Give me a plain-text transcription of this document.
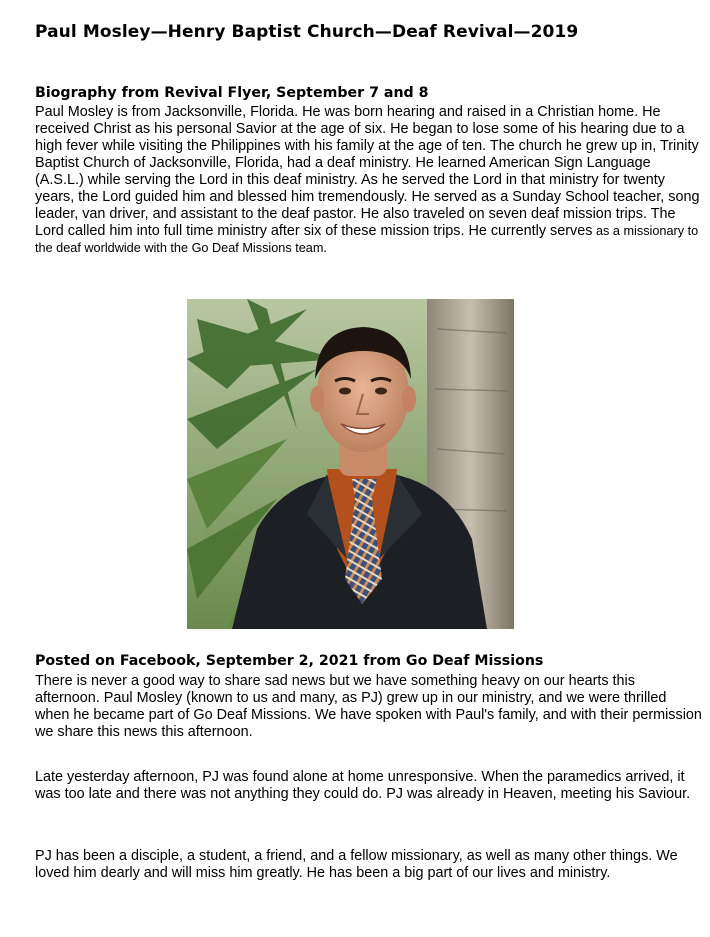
Paul Mosley—Henry Baptist Church—Deaf Revival—2019
Biography from Revival Flyer, September 7 and 8

Paul Mosley is from Jacksonville, Florida. He was born hearing and raised in a Christian home. He received Christ as his personal Savior at the age of six. He began to lose some of his hearing due to a high fever while visiting the Philippines with his family at the age of ten. The church he grew up in, Trinity Baptist Church of Jacksonville, Florida, had a deaf ministry. He learned American Sign Language (A.S.L.) while serving the Lord in this deaf ministry. As he served the Lord in that ministry for twenty years, the Lord guided him and blessed him tremendously. He served as a Sunday School teacher, song leader, van driver, and assistant to the deaf pastor. He also traveled on seven deaf mission trips. The Lord called him into full time ministry after six of these mission trips. He currently serves as a missionary to the deaf worldwide with the Go Deaf Missions team.

Posted on Facebook, September 2, 2021 from Go Deaf Missions

There is never a good way to share sad news but we have something heavy on our hearts this afternoon. Paul Mosley (known to us and many, as PJ) grew up in our ministry, and we were thrilled when he became part of Go Deaf Missions. We have spoken with Paul's family, and with their permission we share this news this afternoon.

Late yesterday afternoon, PJ was found alone at home unresponsive. When the paramedics arrived, it was too late and there was not anything they could do. PJ was already in Heaven, meeting his Saviour.

PJ has been a disciple, a student, a friend, and a fellow missionary, as well as many other things. We loved him dearly and will miss him greatly. He has been a big part of our lives and ministry.
